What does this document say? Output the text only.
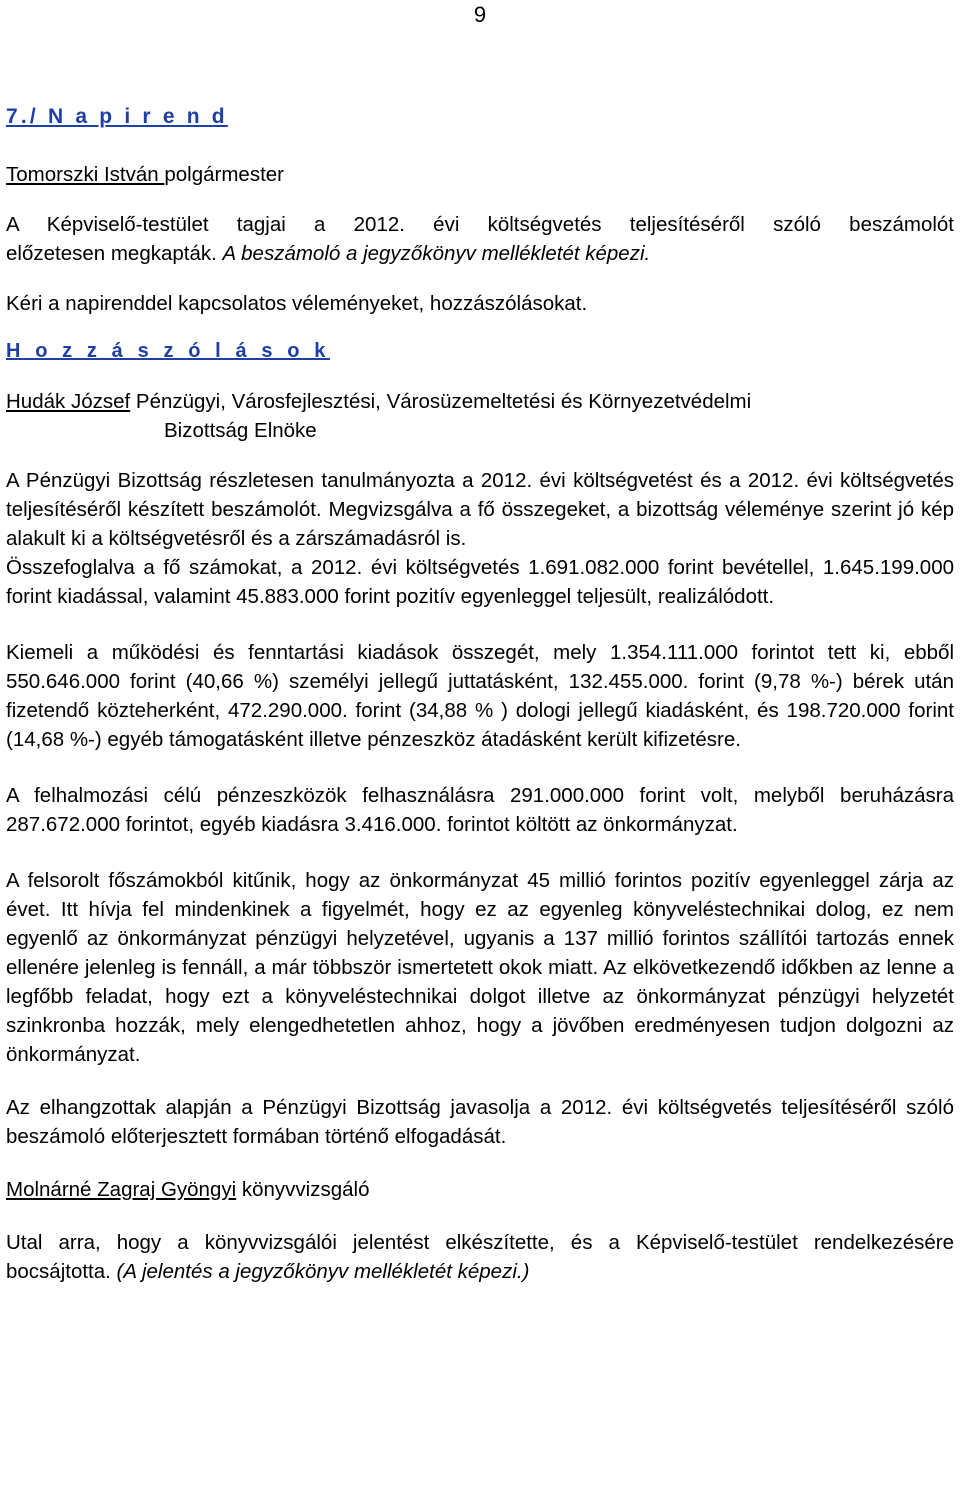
9

7./ N a p i r e n d

Tomorszki István polgármester

A Képviselő-testület tagjai a 2012. évi költségvetés teljesítéséről szóló beszámolót

előzetesen megkapták. A beszámoló a jegyzőkönyv mellékletét képezi.

Kéri a napirenddel kapcsolatos véleményeket, hozzászólásokat.

H o z z á s z ó l á s o k

Hudák József Pénzügyi, Városfejlesztési, Városüzemeltetési és Környezetvédelmi

Bizottság Elnöke

A Pénzügyi Bizottság részletesen tanulmányozta a 2012. évi költségvetést és a 2012. évi költségvetés teljesítéséről készített beszámolót. Megvizsgálva a fő összegeket, a bizottság véleménye szerint jó kép alakult ki a költségvetésről és a zárszámadásról is.

Összefoglalva a fő számokat, a 2012. évi költségvetés 1.691.082.000 forint bevétellel, 1.645.199.000 forint kiadással, valamint 45.883.000 forint pozitív egyenleggel teljesült, realizálódott.

Kiemeli a működési és fenntartási kiadások összegét, mely 1.354.111.000 forintot tett ki, ebből 550.646.000 forint (40,66 %) személyi jellegű juttatásként, 132.455.000. forint (9,78 %-) bérek után fizetendő közteherként, 472.290.000. forint (34,88 % ) dologi jellegű kiadásként, és 198.720.000 forint (14,68 %-) egyéb támogatásként illetve pénzeszköz átadásként került kifizetésre.

A felhalmozási célú pénzeszközök felhasználásra 291.000.000 forint volt, melyből beruházásra 287.672.000 forintot, egyéb kiadásra 3.416.000. forintot költött az önkormányzat.

A felsorolt főszámokból kitűnik, hogy az önkormányzat 45 millió forintos pozitív egyenleggel zárja az évet. Itt hívja fel mindenkinek a figyelmét, hogy ez az egyenleg könyveléstechnikai dolog, ez nem egyenlő az önkormányzat pénzügyi helyzetével, ugyanis a 137 millió forintos szállítói tartozás ennek ellenére jelenleg is fennáll, a már többször ismertetett okok miatt. Az elkövetkezendő időkben az lenne a legfőbb feladat, hogy ezt a könyveléstechnikai dolgot illetve az önkormányzat pénzügyi helyzetét szinkronba hozzák, mely elengedhetetlen ahhoz, hogy a jövőben eredményesen tudjon dolgozni az önkormányzat.

Az elhangzottak alapján a Pénzügyi Bizottság javasolja a 2012. évi költségvetés teljesítéséről szóló beszámoló előterjesztett formában történő elfogadását.

Molnárné Zagraj Gyöngyi könyvvizsgáló

Utal arra, hogy a könyvvizsgálói jelentést elkészítette, és a Képviselő-testület rendelkezésére bocsájtotta. (A jelentés a jegyzőkönyv mellékletét képezi.)
